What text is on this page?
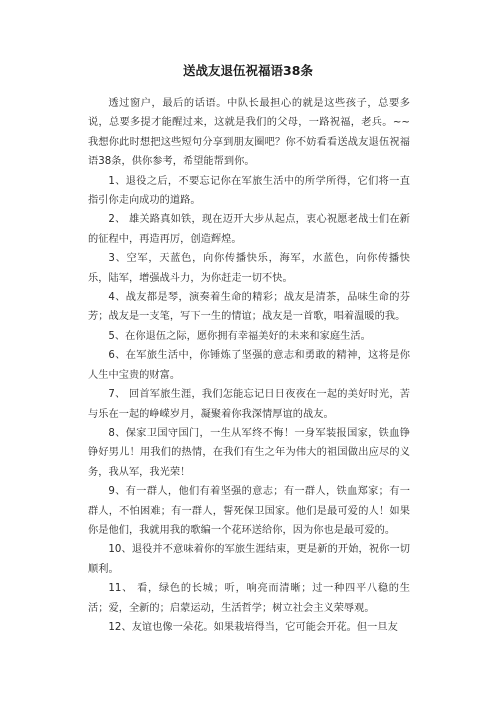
送战友退伍祝福语38条

透过窗户，最后的话语。中队长最担心的就是这些孩子，总要多说，总要多提才能醒过来，这就是我们的父母，一路祝福，老兵。~~我想你此时想把这些短句分享到朋友圈吧？你不妨看看送战友退伍祝福语38条，供你参考，希望能帮到你。

1、退役之后，不要忘记你在军旅生活中的所学所得，它们将一直指引你走向成功的道路。

2、 雄关路真如铁，现在迈开大步从起点，衷心祝愿老战士们在新的征程中，再造再厉，创造辉煌。

3、空军，天蓝色，向你传播快乐，海军，水蓝色，向你传播快乐，陆军，增强战斗力，为你赶走一切不快。

4、战友都是琴，演奏着生命的精彩；战友是清茶，品味生命的芬芳；战友是一支笔，写下一生的情谊；战友是一首歌，唱着温暖的我。

5、在你退伍之际，愿你拥有幸福美好的未来和家庭生活。

6、在军旅生活中，你锤炼了坚强的意志和勇敢的精神，这将是你人生中宝贵的财富。

7、 回首军旅生涯，我们怎能忘记日日夜夜在一起的美好时光，苦与乐在一起的峥嵘岁月，凝聚着你我深情厚谊的战友。

8、保家卫国守国门，一生从军终不悔！一身军装报国家，铁血铮铮好男儿！用我们的热情，在我们有生之年为伟大的祖国做出应尽的义务，我从军，我光荣！

9、有一群人，他们有着坚强的意志；有一群人，铁血郑家；有一群人，不怕困难；有一群人，誓死保卫国家。他们是最可爱的人！如果你是他们，我就用我的歌编一个花环送给你，因为你也是最可爱的。

10、退役并不意味着你的军旅生涯结束，更是新的开始，祝你一切顺利。

11、 看，绿色的长城；听，响亮而清晰；过一种四平八稳的生活；爱，全新的；启蒙运动，生活哲学；树立社会主义荣辱观。

12、友谊也像一朵花。如果栽培得当，它可能会开花。但一旦友
